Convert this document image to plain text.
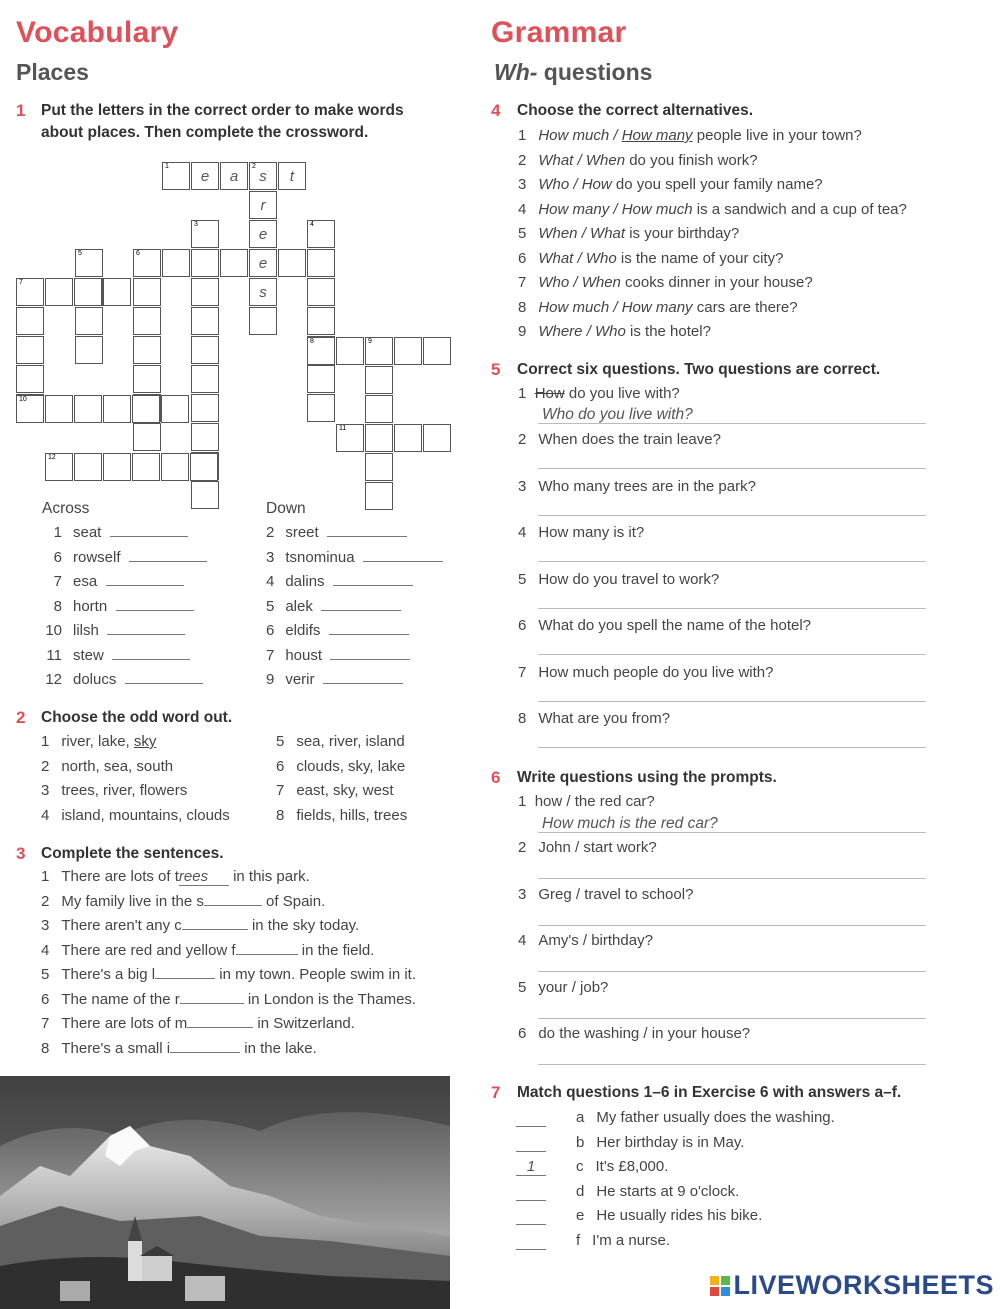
Vocabulary
Places
1 Put the letters in the correct order to make words
about places. Then complete the crossword.
1
e	a
2
s	t
r
e
e
s
3	4
5	6
7
8	9
10
11
12
Across	Down
1 seat
6 rowself
7 esa
8 hortn
10 lilsh
11 stew
12 dolucs
2 sreet
3 tsnominua
4 dalins
5 alek
6 eldifs
7 houst
9 verir
2 Choose the odd word out.
1 river, lake, sky
2 north, sea, south
3 trees, river, flowers
4 island, mountains, clouds
5 sea, river, island
6 clouds, sky, lake
7 east, sky, west
8 fields, hills, trees
3 Complete the sentences.
1 There are lots of trees in this park.
2 My family live in the s	of Spain.
3 There aren't any c	in the sky today.
4 There are red and yellow f	in the field.
5 There's a big l	in my town. People swim in it.
6 The name of the r	in London is the Thames.
7 There are lots of m	in Switzerland.
8 There's a small i	in the lake.
Grammar
Wh- questions
4 Choose the correct alternatives.
1 How much / How many people live in your town?
2 What / When do you finish work?
3 Who / How do you spell your family name?
4 How many / How much is a sandwich and a cup of tea?
5 When / What is your birthday?
6 What / Who is the name of your city?
7 Who / When cooks dinner in your house?
8 How much / How many cars are there?
9 Where / Who is the hotel?
5 Correct six questions. Two questions are correct.
1  How do you live with?
Who do you live with?
2 When does the train leave?
3 Who many trees are in the park?
4 How many is it?
5 How do you travel to work?
6 What do you spell the name of the hotel?
7 How much people do you live with?
8 What are you from?
6 Write questions using the prompts.
1  how / the red car?
How much is the red car?
2 John / start work?
3 Greg / travel to school?
4 Amy's / birthday?
5 your / job?
6 do the washing / in your house?
7 Match questions 1–6 in Exercise 6 with answers a–f.
a My father usually does the washing.
b Her birthday is in May.
1	c It's £8,000.
d He starts at 9 o'clock.
e He usually rides his bike.
f I'm a nurse.
LIVEWORKSHEETS
